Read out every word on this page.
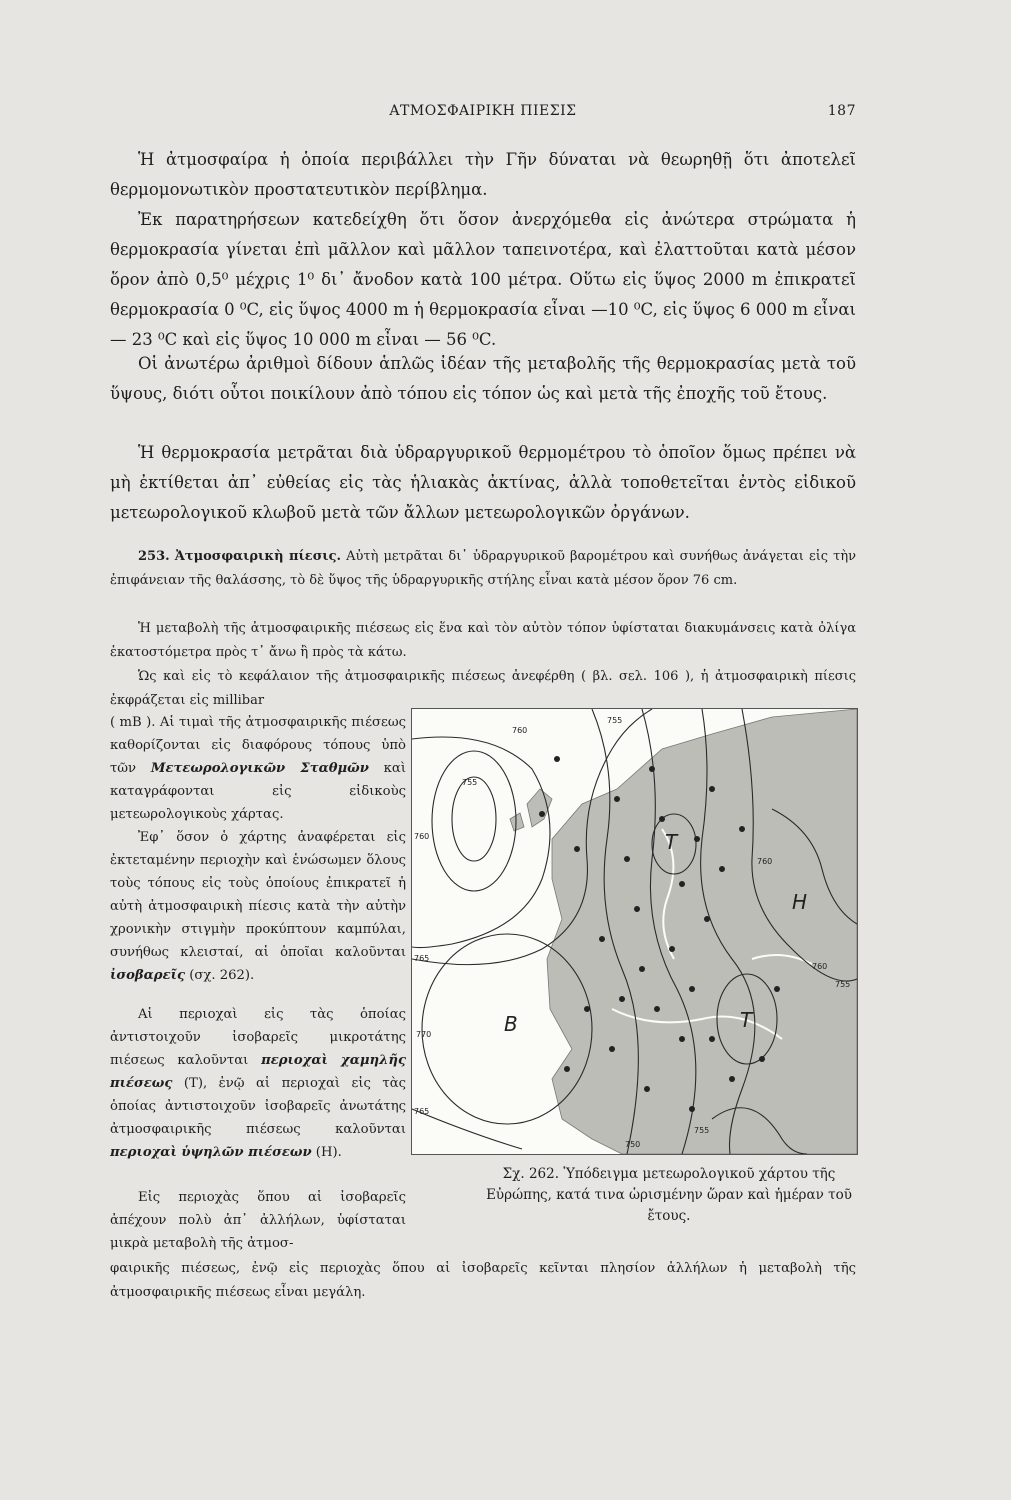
ΑΤΜΟΣΦΑΙΡΙΚΗ ΠΙΕΣΙΣ	187

Ἡ ἀτμοσφαίρα ἡ ὁποία περιβάλλει τὴν Γῆν δύναται νὰ θεωρηθῇ ὅτι ἀποτελεῖ θερμομονωτικὸν προστατευτικὸν περίβλημα.

Ἐκ παρατηρήσεων κατεδείχθη ὅτι ὅσον ἀνερχόμεθα εἰς ἀνώτερα στρώματα ἡ θερμοκρασία γίνεται ἐπὶ μᾶλλον καὶ μᾶλλον ταπεινοτέρα, καὶ ἐλαττοῦται κατὰ μέσον ὅρον ἀπὸ 0,5⁰ μέχρις 1⁰ δι᾽ ἄνοδον κατὰ 100 μέτρα. Οὕτω εἰς ὕψος 2000 m ἐπικρατεῖ θερμοκρασία 0 ⁰C, εἰς ὕψος 4000 m ἡ θερμοκρασία εἶναι —10 ⁰C, εἰς ὕψος 6 000 m εἶναι — 23 ⁰C καὶ εἰς ὕψος 10 000 m εἶναι — 56 ⁰C.

Οἱ ἀνωτέρω ἀριθμοὶ δίδουν ἁπλῶς ἰδέαν τῆς μεταβολῆς τῆς θερμοκρασίας μετὰ τοῦ ὕψους, διότι οὗτοι ποικίλουν ἀπὸ τόπου εἰς τόπον ὡς καὶ μετὰ τῆς ἐποχῆς τοῦ ἔτους.

Ἡ θερμοκρασία μετρᾶται διὰ ὑδραργυρικοῦ θερμομέτρου τὸ ὁποῖον ὅμως πρέπει νὰ μὴ ἐκτίθεται ἀπ᾽ εὐθείας εἰς τὰς ἡλιακὰς ἀκτίνας, ἀλλὰ τοποθετεῖται ἐντὸς εἰδικοῦ μετεωρολογικοῦ κλωβοῦ μετὰ τῶν ἄλλων μετεωρολογικῶν ὀργάνων.

253. Ἀτμοσφαιρικὴ πίεσις. Αὐτὴ μετρᾶται δι᾽ ὑδραργυρικοῦ βαρομέτρου καὶ συνήθως ἀνάγεται εἰς τὴν ἐπιφάνειαν τῆς θαλάσσης, τὸ δὲ ὕψος τῆς ὑδραργυρικῆς στήλης εἶναι κατὰ μέσον ὅρον 76 cm.

Ἡ μεταβολὴ τῆς ἀτμοσφαιρικῆς πιέσεως εἰς ἕνα καὶ τὸν αὐτὸν τόπον ὑφίσταται διακυμάνσεις κατὰ ὀλίγα ἑκατοστόμετρα πρὸς τ᾽ ἄνω ἢ πρὸς τὰ κάτω.

Ὡς καὶ εἰς τὸ κεφάλαιον τῆς ἀτμοσφαιρικῆς πιέσεως ἀνεφέρθη ( βλ. σελ. 106 ), ἡ ἀτμοσφαιρικὴ πίεσις ἐκφράζεται εἰς millibar

( mB ). Αἱ τιμαὶ τῆς ἀτμοσφαιρικῆς πιέσεως καθορίζονται εἰς διαφόρους τόπους ὑπὸ τῶν Μετεωρολογικῶν Σταθμῶν καὶ καταγράφονται εἰς εἰδικοὺς μετεωρολογικοὺς χάρτας.

Ἐφ᾽ ὅσον ὁ χάρτης ἀναφέρεται εἰς ἐκτεταμένην περιοχὴν καὶ ἑνώσωμεν ὅλους τοὺς τόπους εἰς τοὺς ὁποίους ἐπικρατεῖ ἡ αὐτὴ ἀτμοσφαιρικὴ πίεσις κατὰ τὴν αὐτὴν χρονικὴν στιγμὴν προκύπτουν καμπύλαι, συνήθως κλεισταί, αἱ ὁποῖαι καλοῦνται ἰσοβαρεῖς (σχ. 262).

Αἱ περιοχαὶ εἰς τὰς ὁποίας ἀντιστοιχοῦν ἰσοβαρεῖς μικροτάτης πιέσεως καλοῦνται περιοχαὶ χαμηλῆς πιέσεως (Τ), ἐνῷ αἱ περιοχαὶ εἰς τὰς ὁποίας ἀντιστοιχοῦν ἰσοβαρεῖς ἀνωτάτης ἀτμοσφαιρικῆς πιέσεως καλοῦνται περιοχαὶ ὑψηλῶν πιέσεων (Η).

Εἰς περιοχὰς ὅπου αἱ ἰσοβαρεῖς ἀπέχουν πολὺ ἀπ᾽ ἀλλήλων, ὑφίσταται μικρὰ μεταβολὴ τῆς ἀτμοσ-

φαιρικῆς πιέσεως, ἐνῷ εἰς περιοχὰς ὅπου αἱ ἰσοβαρεῖς κεῖνται πλησίον ἀλλήλων ἡ μεταβολὴ τῆς ἀτμοσφαιρικῆς πιέσεως εἶναι μεγάλη.

Η
Β
Τ
Τ
760
755
755
760
760
760
755
765
770
765
755
750

Σχ. 262. Ὑπόδειγμα μετεωρολογικοῦ χάρτου τῆς Εὐρώπης, κατά τινα ὡρισμένην ὥραν καὶ ἡμέραν τοῦ ἔτους.
